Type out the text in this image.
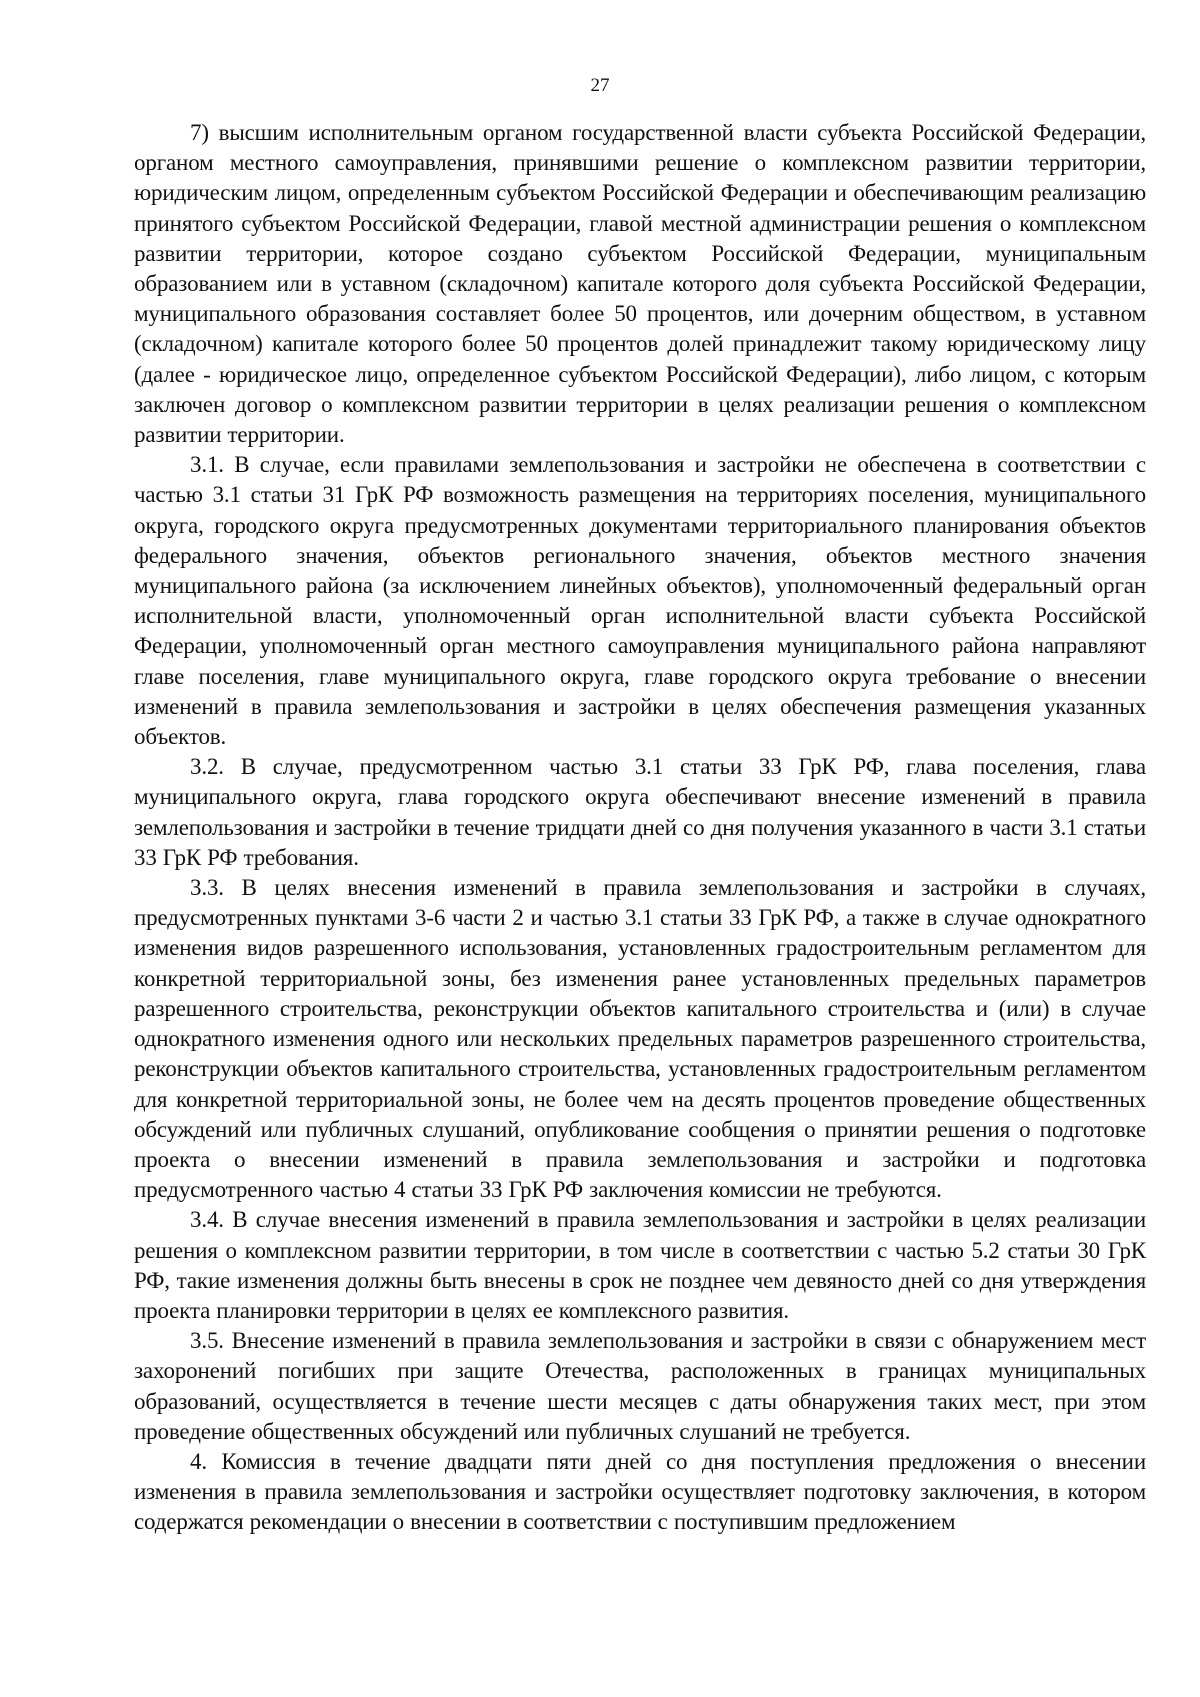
27

7) высшим исполнительным органом государственной власти субъекта Российской Федерации, органом местного самоуправления, принявшими решение о комплексном развитии территории, юридическим лицом, определенным субъектом Российской Федерации и обеспечивающим реализацию принятого субъектом Российской Федерации, главой местной администрации решения о комплексном развитии территории, которое создано субъектом Российской Федерации, муниципальным образованием или в уставном (складочном) капитале которого доля субъекта Российской Федерации, муниципального образования составляет более 50 процентов, или дочерним обществом, в уставном (складочном) капитале которого более 50 процентов долей принадлежит такому юридическому лицу (далее - юридическое лицо, определенное субъектом Российской Федерации), либо лицом, с которым заключен договор о комплексном развитии территории в целях реализации решения о комплексном развитии территории.

3.1. В случае, если правилами землепользования и застройки не обеспечена в соответствии с частью 3.1 статьи 31 ГрК РФ возможность размещения на территориях поселения, муниципального округа, городского округа предусмотренных документами территориального планирования объектов федерального значения, объектов регионального значения, объектов местного значения муниципального района (за исключением линейных объектов), уполномоченный федеральный орган исполнительной власти, уполномоченный орган исполнительной власти субъекта Российской Федерации, уполномоченный орган местного самоуправления муниципального района направляют главе поселения, главе муниципального округа, главе городского округа требование о внесении изменений в правила землепользования и застройки в целях обеспечения размещения указанных объектов.

3.2. В случае, предусмотренном частью 3.1 статьи 33 ГрК РФ, глава поселения, глава муниципального округа, глава городского округа обеспечивают внесение изменений в правила землепользования и застройки в течение тридцати дней со дня получения указанного в части 3.1 статьи 33 ГрК РФ требования.

3.3. В целях внесения изменений в правила землепользования и застройки в случаях, предусмотренных пунктами 3-6 части 2 и частью 3.1 статьи 33 ГрК РФ, а также в случае однократного изменения видов разрешенного использования, установленных градостроительным регламентом для конкретной территориальной зоны, без изменения ранее установленных предельных параметров разрешенного строительства, реконструкции объектов капитального строительства и (или) в случае однократного изменения одного или нескольких предельных параметров разрешенного строительства, реконструкции объектов капитального строительства, установленных градостроительным регламентом для конкретной территориальной зоны, не более чем на десять процентов проведение общественных обсуждений или публичных слушаний, опубликование сообщения о принятии решения о подготовке проекта о внесении изменений в правила землепользования и застройки и подготовка предусмотренного частью 4 статьи 33 ГрК РФ заключения комиссии не требуются.

3.4. В случае внесения изменений в правила землепользования и застройки в целях реализации решения о комплексном развитии территории, в том числе в соответствии с частью 5.2 статьи 30 ГрК РФ, такие изменения должны быть внесены в срок не позднее чем девяносто дней со дня утверждения проекта планировки территории в целях ее комплексного развития.

3.5. Внесение изменений в правила землепользования и застройки в связи с обнаружением мест захоронений погибших при защите Отечества, расположенных в границах муниципальных образований, осуществляется в течение шести месяцев с даты обнаружения таких мест, при этом проведение общественных обсуждений или публичных слушаний не требуется.

4. Комиссия в течение двадцати пяти дней со дня поступления предложения о внесении изменения в правила землепользования и застройки осуществляет подготовку заключения, в котором содержатся рекомендации о внесении в соответствии с поступившим предложением
